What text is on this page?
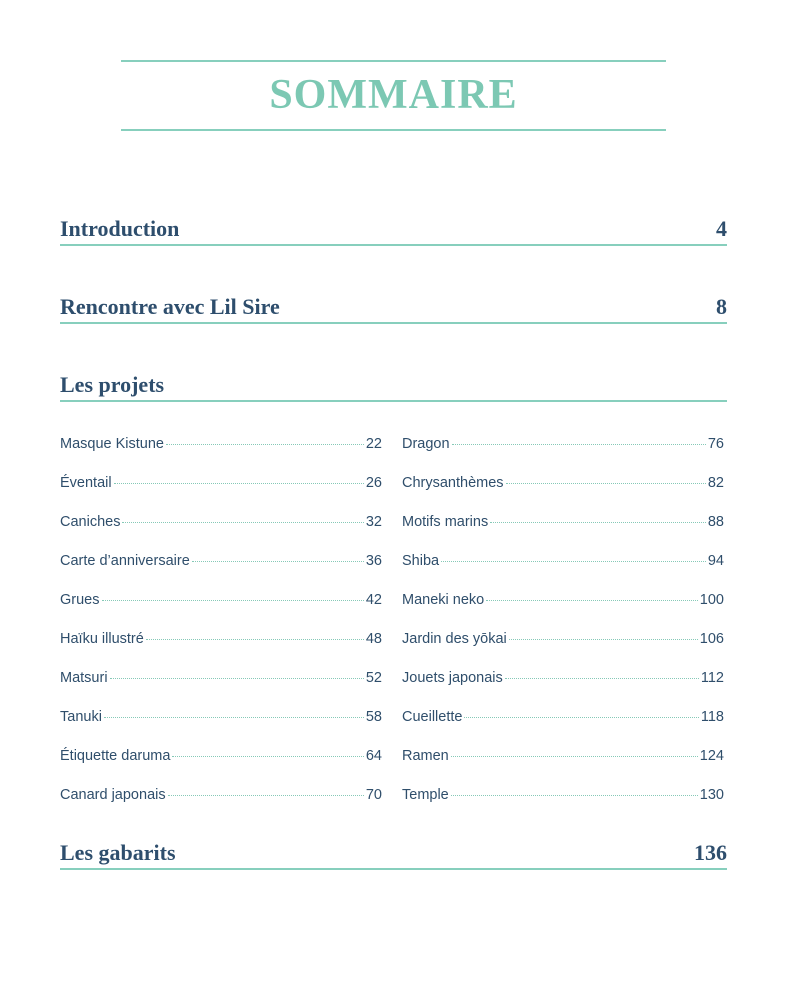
SOMMAIRE
Introduction	4
Rencontre avec Lil Sire	8
Les projets
Masque Kistune	22
Éventail	26
Caniches	32
Carte d’anniversaire	36
Grues	42
Haïku illustré	48
Matsuri	52
Tanuki	58
Étiquette daruma	64
Canard japonais	70
Dragon	76
Chrysanthèmes	82
Motifs marins	88
Shiba	94
Maneki neko	100
Jardin des yōkai	106
Jouets japonais	112
Cueillette	118
Ramen	124
Temple	130
Les gabarits	136
